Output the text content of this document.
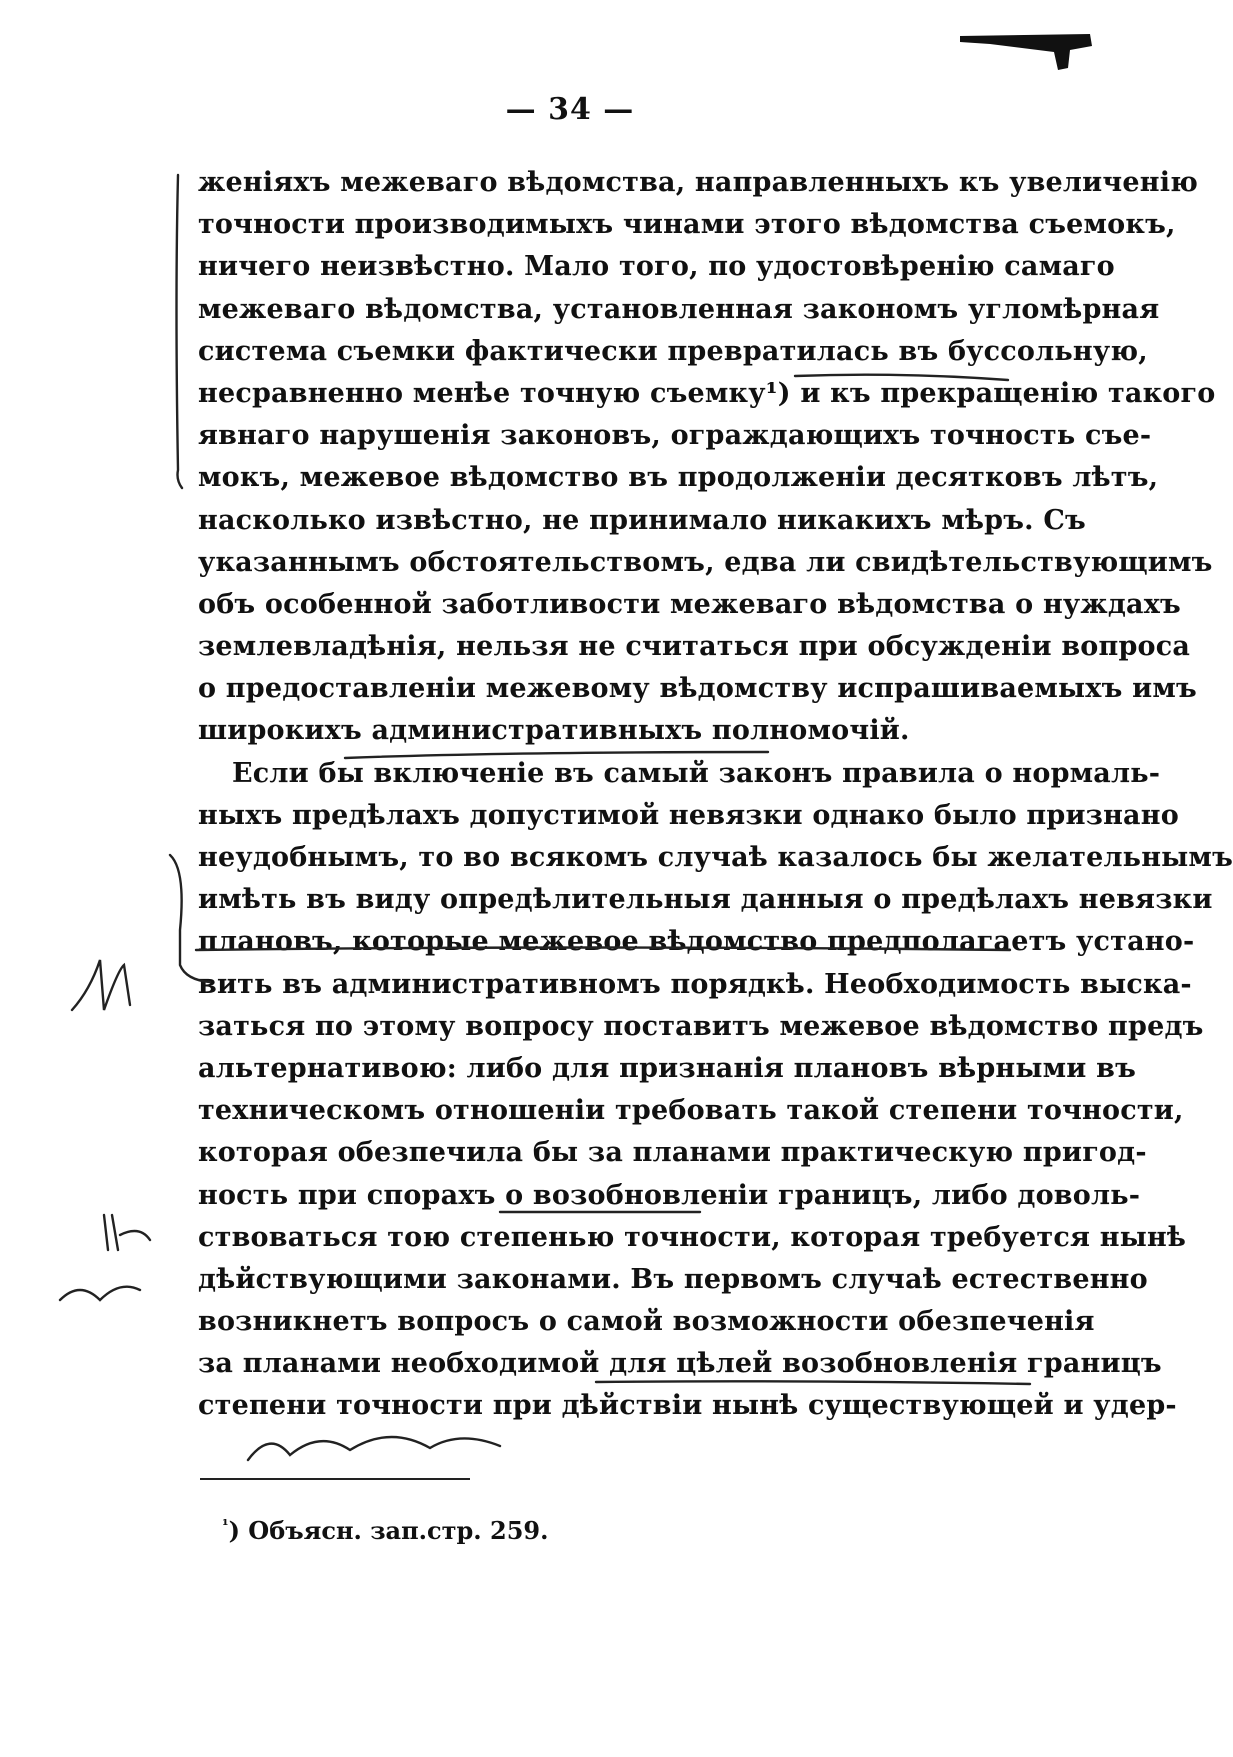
— 34 —
женіяхъ межеваго вѣдомства, направленныхъ къ увеличенію
точности производимыхъ чинами этого вѣдомства съемокъ,
ничего неизвѣстно. Мало того, по удостовѣренію самаго
межеваго вѣдомства, установленная закономъ угломѣрная
система съемки фактически превратилась въ буссольную,
несравненно менѣе точную съемку¹) и къ прекращенію такого
явнаго нарушенія законовъ, ограждающихъ точность съе-
мокъ, межевое вѣдомство въ продолженіи десятковъ лѣтъ,
насколько извѣстно, не принимало никакихъ мѣръ. Съ
указаннымъ обстоятельствомъ, едва ли свидѣтельствующимъ
объ особенной заботливости межеваго вѣдомства о нуждахъ
землевладѣнія, нельзя не считаться при обсужденіи вопроса
о предоставленіи межевому вѣдомству испрашиваемыхъ имъ
широкихъ административныхъ полномочій.
Если бы включеніе въ самый законъ правила о нормаль-
ныхъ предѣлахъ допустимой невязки однако было признано
неудобнымъ, то во всякомъ случаѣ казалось бы желательнымъ
имѣть въ виду опредѣлительныя данныя о предѣлахъ невязки
плановъ, которые межевое вѣдомство предполагаетъ устано-
вить въ административномъ порядкѣ. Необходимость выска-
заться по этому вопросу поставитъ межевое вѣдомство предъ
альтернативою: либо для признанія плановъ вѣрными въ
техническомъ отношеніи требовать такой степени точности,
которая обезпечила бы за планами практическую пригод-
ность при спорахъ о возобновленіи границъ, либо доволь-
ствоваться тою степенью точности, которая требуется нынѣ
дѣйствующими законами. Въ первомъ случаѣ естественно
возникнетъ вопросъ о самой возможности обезпеченія
за планами необходимой для цѣлей возобновленія границъ
степени точности при дѣйствіи нынѣ существующей и удер-
$^{^1}$) Объясн. зап.стр. 259.
